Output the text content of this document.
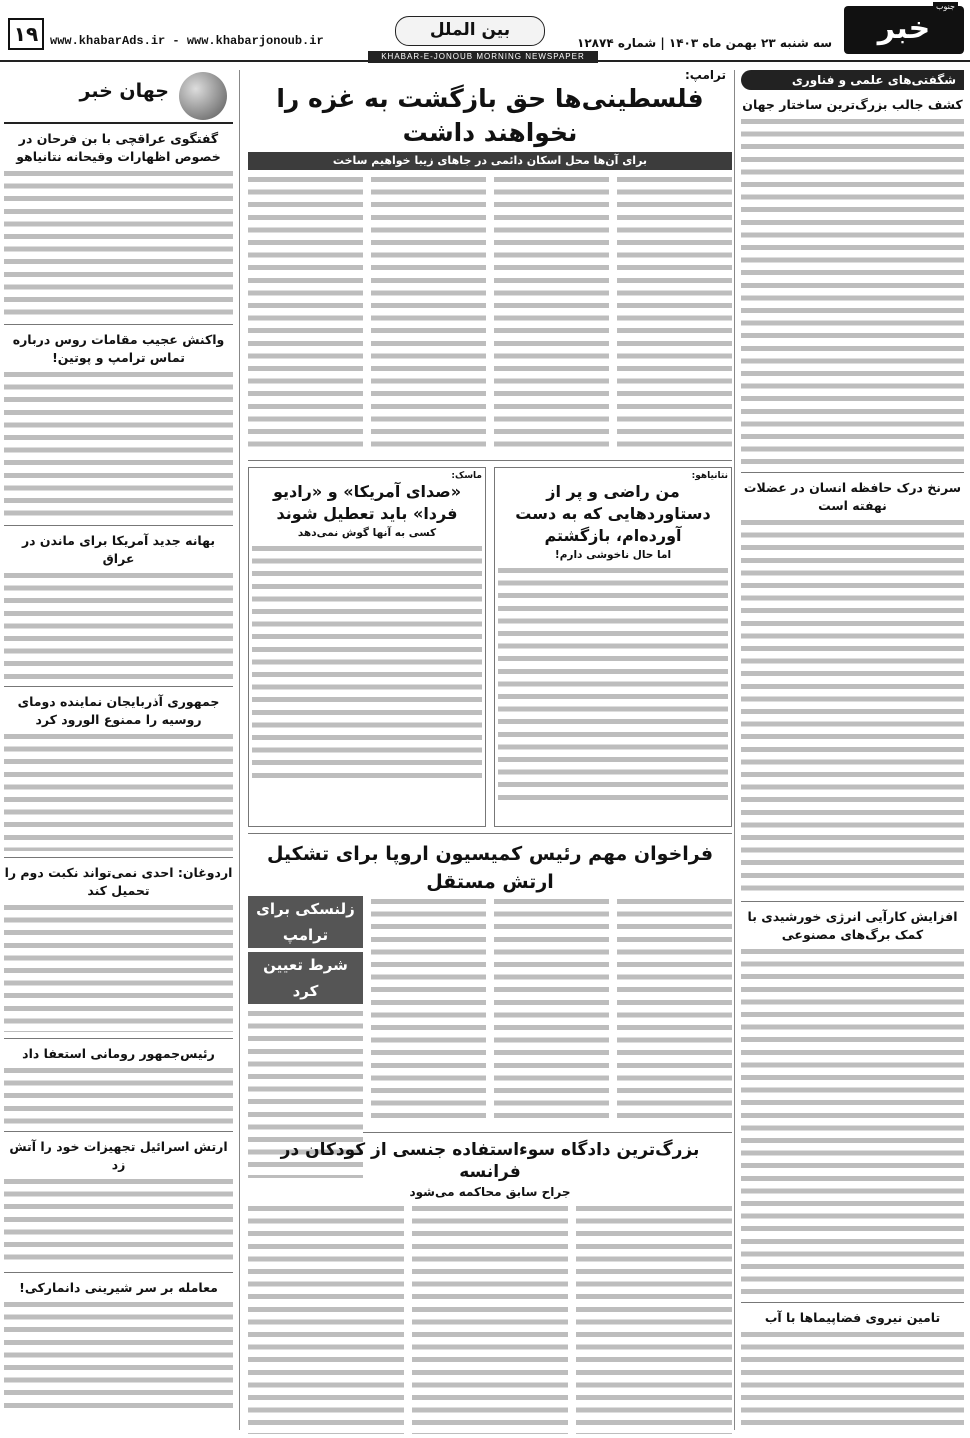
خبر
جنوب
سه شنبه ۲۳ بهمن ماه ۱۴۰۳ | شماره ۱۲۸۷۴
بین الملل
۱۹ www.khabarAds.ir - www.khabarjonoub.ir
KHABAR-E-JONOUB MORNING NEWSPAPER
شگفتی‌های علمی و فناوری
کشف جالب بزرگ‌ترین ساختار جهان
سرنخ درک حافظه انسان در عضلات نهفته است
افزایش کارآیی انرژی خورشیدی با کمک برگ‌های مصنوعی
تامین نیروی فضاپیماها با آب
جهان خبر
گفتگوی عراقچی با بن فرحان در خصوص اظهارات وقیحانه نتانیاهو
واکنش عجیب مقامات روس درباره تماس ترامپ و پوتین!
بهانه جدید آمریکا برای ماندن در عراق
جمهوری آذربایجان نماینده دومای روسیه را ممنوع الورود کرد
اردوغان: احدی نمی‌تواند نکبت دوم را تحمیل کند
رئیس‌جمهور رومانی استعفا داد
ارتش اسرائیل تجهیزات خود را آتش زد
معامله بر سر شیرینی دانمارکی!
ترامپ:
فلسطینی‌ها حق بازگشت به غزه را نخواهند داشت
برای آن‌ها محل اسکان دائمی در جاهای زیبا خواهیم ساخت
نتانیاهو:
من راضی و پر از دستاوردهایی که به دست آورده‌ام، بازگشتم
اما حال ناخوشی دارم!
ماسک:
«صدای آمریکا» و «رادیو فردا» باید تعطیل شوند
کسی به آنها گوش نمی‌دهد
فراخوان مهم رئیس کمیسیون اروپا برای تشکیل ارتش مستقل
زلنسکی برای ترامپ
شرط تعیین کرد
بزرگ‌ترین دادگاه سوءاستفاده جنسی از کودکان در فرانسه
جراح سابق محاکمه می‌شود
